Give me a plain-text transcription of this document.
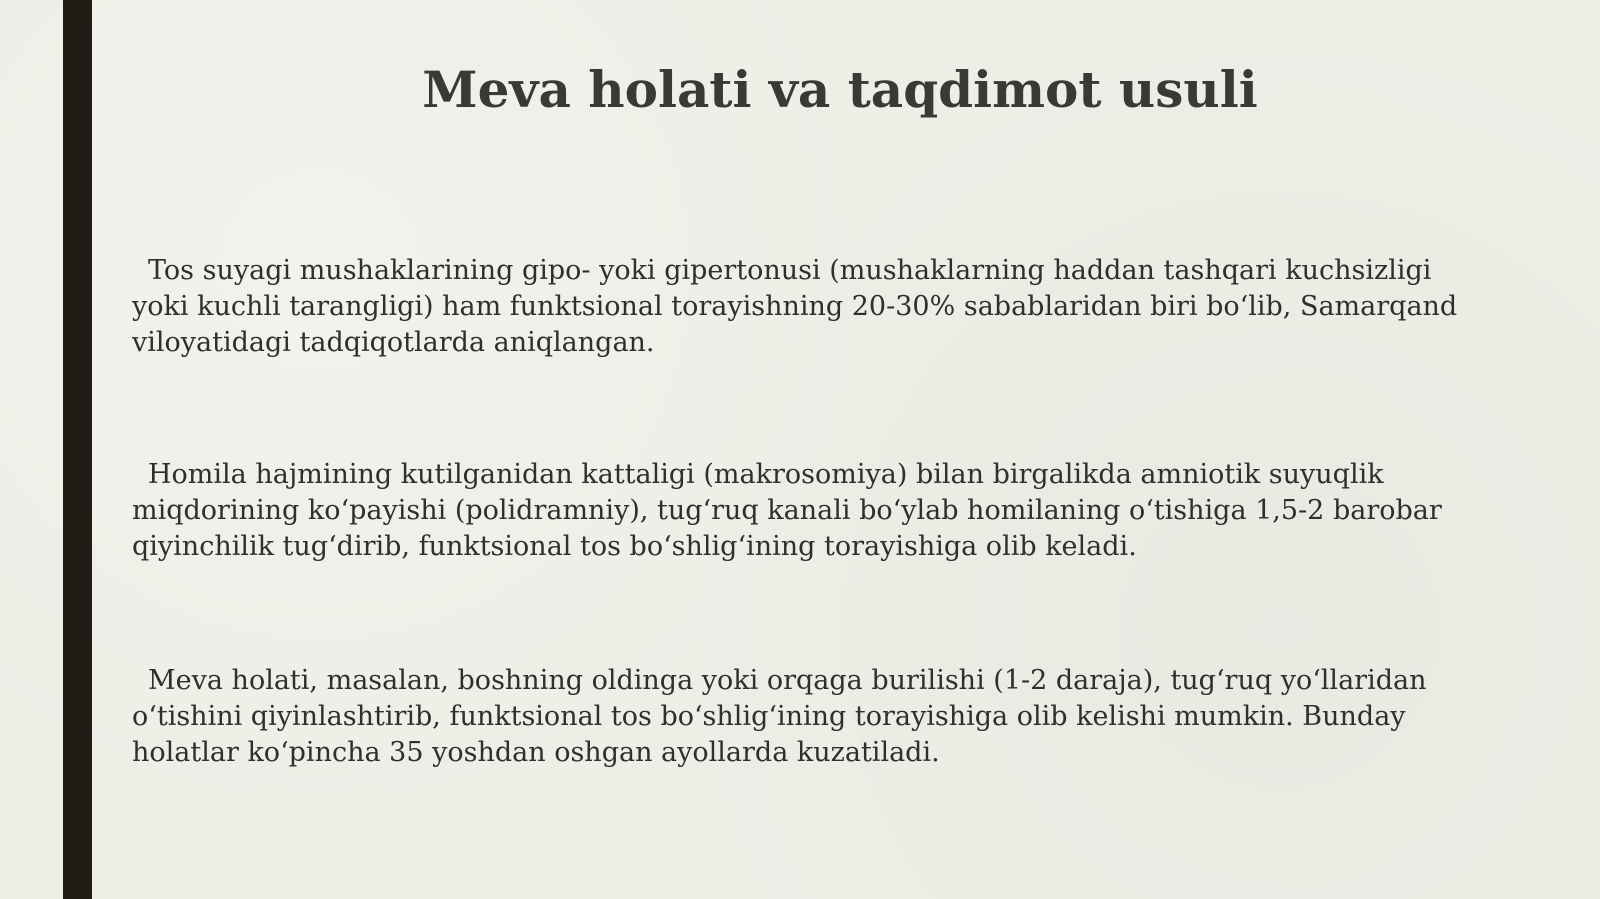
Meva holati va taqdimot usuli

Tos suyagi mushaklarining gipo- yoki gipertonusi (mushaklarning haddan tashqari kuchsizligi yoki kuchli tarangligi) ham funktsional torayishning 20-30% sabablaridan biri bo‘lib, Samarqand viloyatidagi tadqiqotlarda aniqlangan.

Homila hajmining kutilganidan kattaligi (makrosomiya) bilan birgalikda amniotik suyuqlik miqdorining ko‘payishi (polidramniy), tug‘ruq kanali bo‘ylab homilaning o‘tishiga 1,5-2 barobar qiyinchilik tug‘dirib, funktsional tos bo‘shlig‘ining torayishiga olib keladi.

Meva holati, masalan, boshning oldinga yoki orqaga burilishi (1-2 daraja), tug‘ruq yo‘llaridan o‘tishini qiyinlashtirib, funktsional tos bo‘shlig‘ining torayishiga olib kelishi mumkin. Bunday holatlar ko‘pincha 35 yoshdan oshgan ayollarda kuzatiladi.
